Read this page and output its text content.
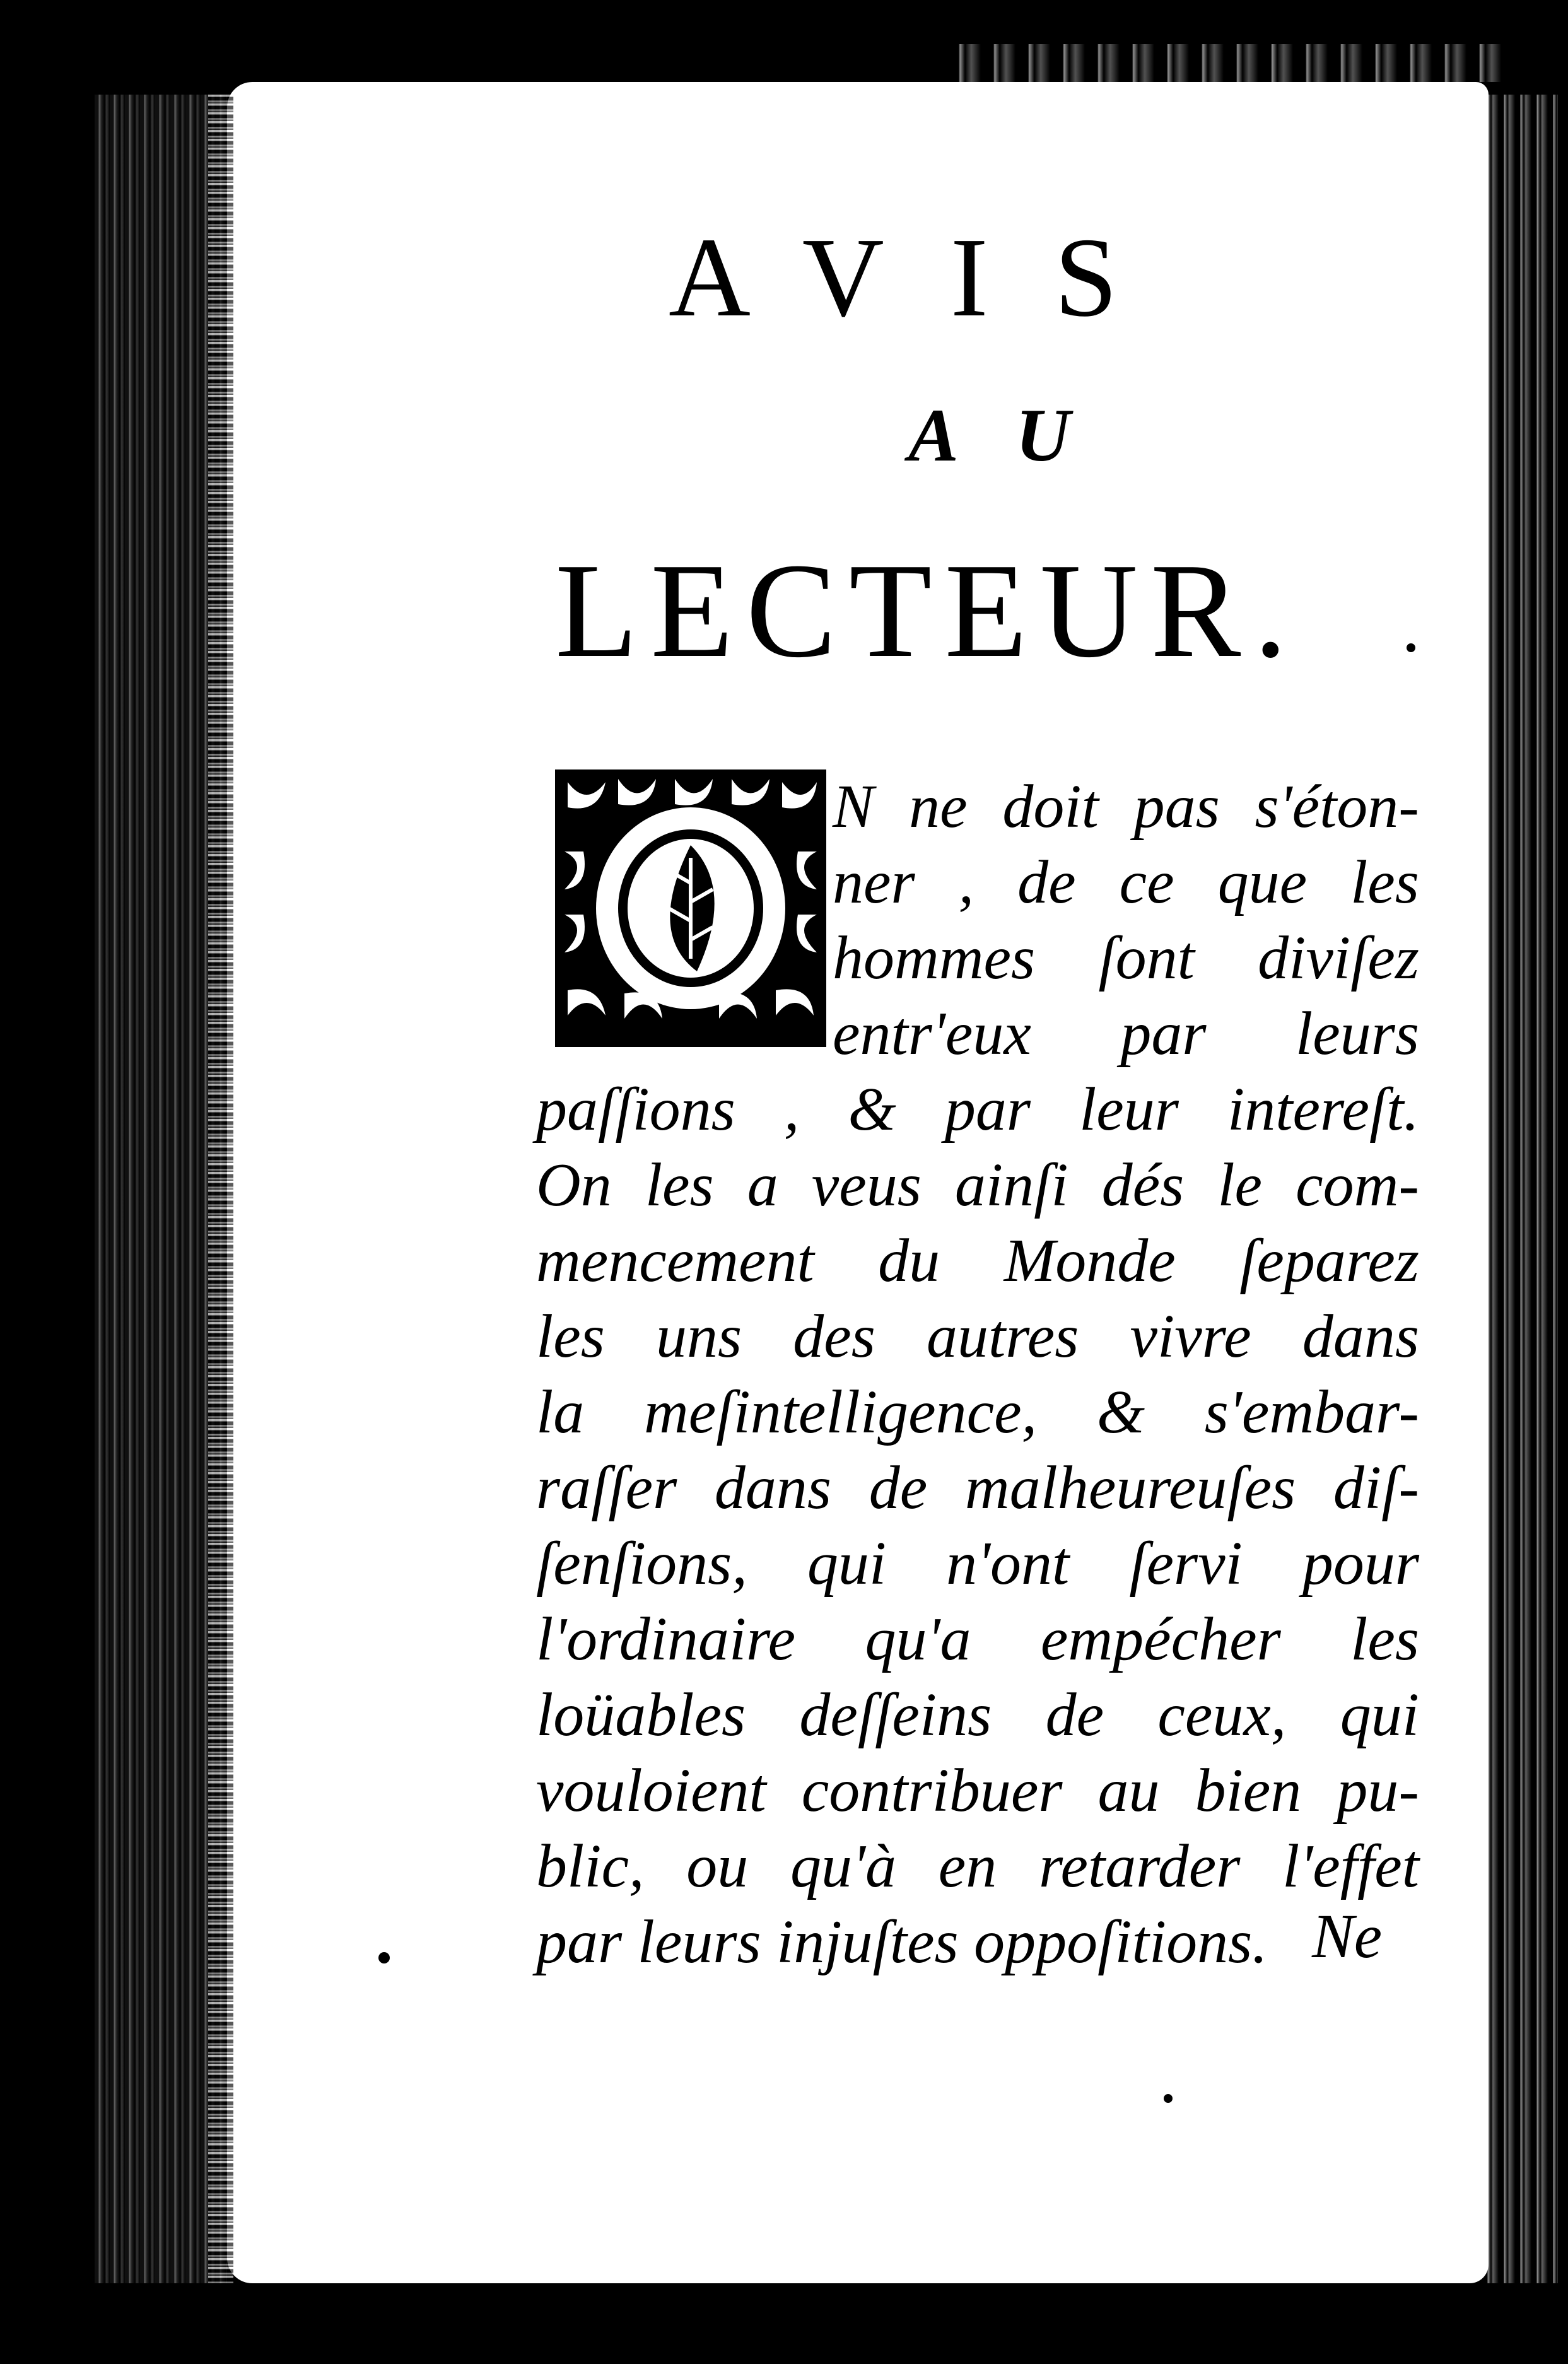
AVIS
AU
LECTEUR.
N ne doit pas s'éton-
ner , de ce que les
hommes ſont diviſez
entr'eux par leurs
paſſions , & par leur intereſt.
On les a veus ainſi dés le com-
mencement du Monde ſeparez
les uns des autres vivre dans
la meſintelligence, & s'embar-
raſſer dans de malheureuſes diſ-
ſenſions, qui n'ont ſervi pour
l'ordinaire qu'a empécher les
loüables deſſeins de ceux, qui
vouloient contribuer au bien pu-
blic, ou qu'à en retarder l'effet
par leurs injuſtes oppoſitions. Ne
